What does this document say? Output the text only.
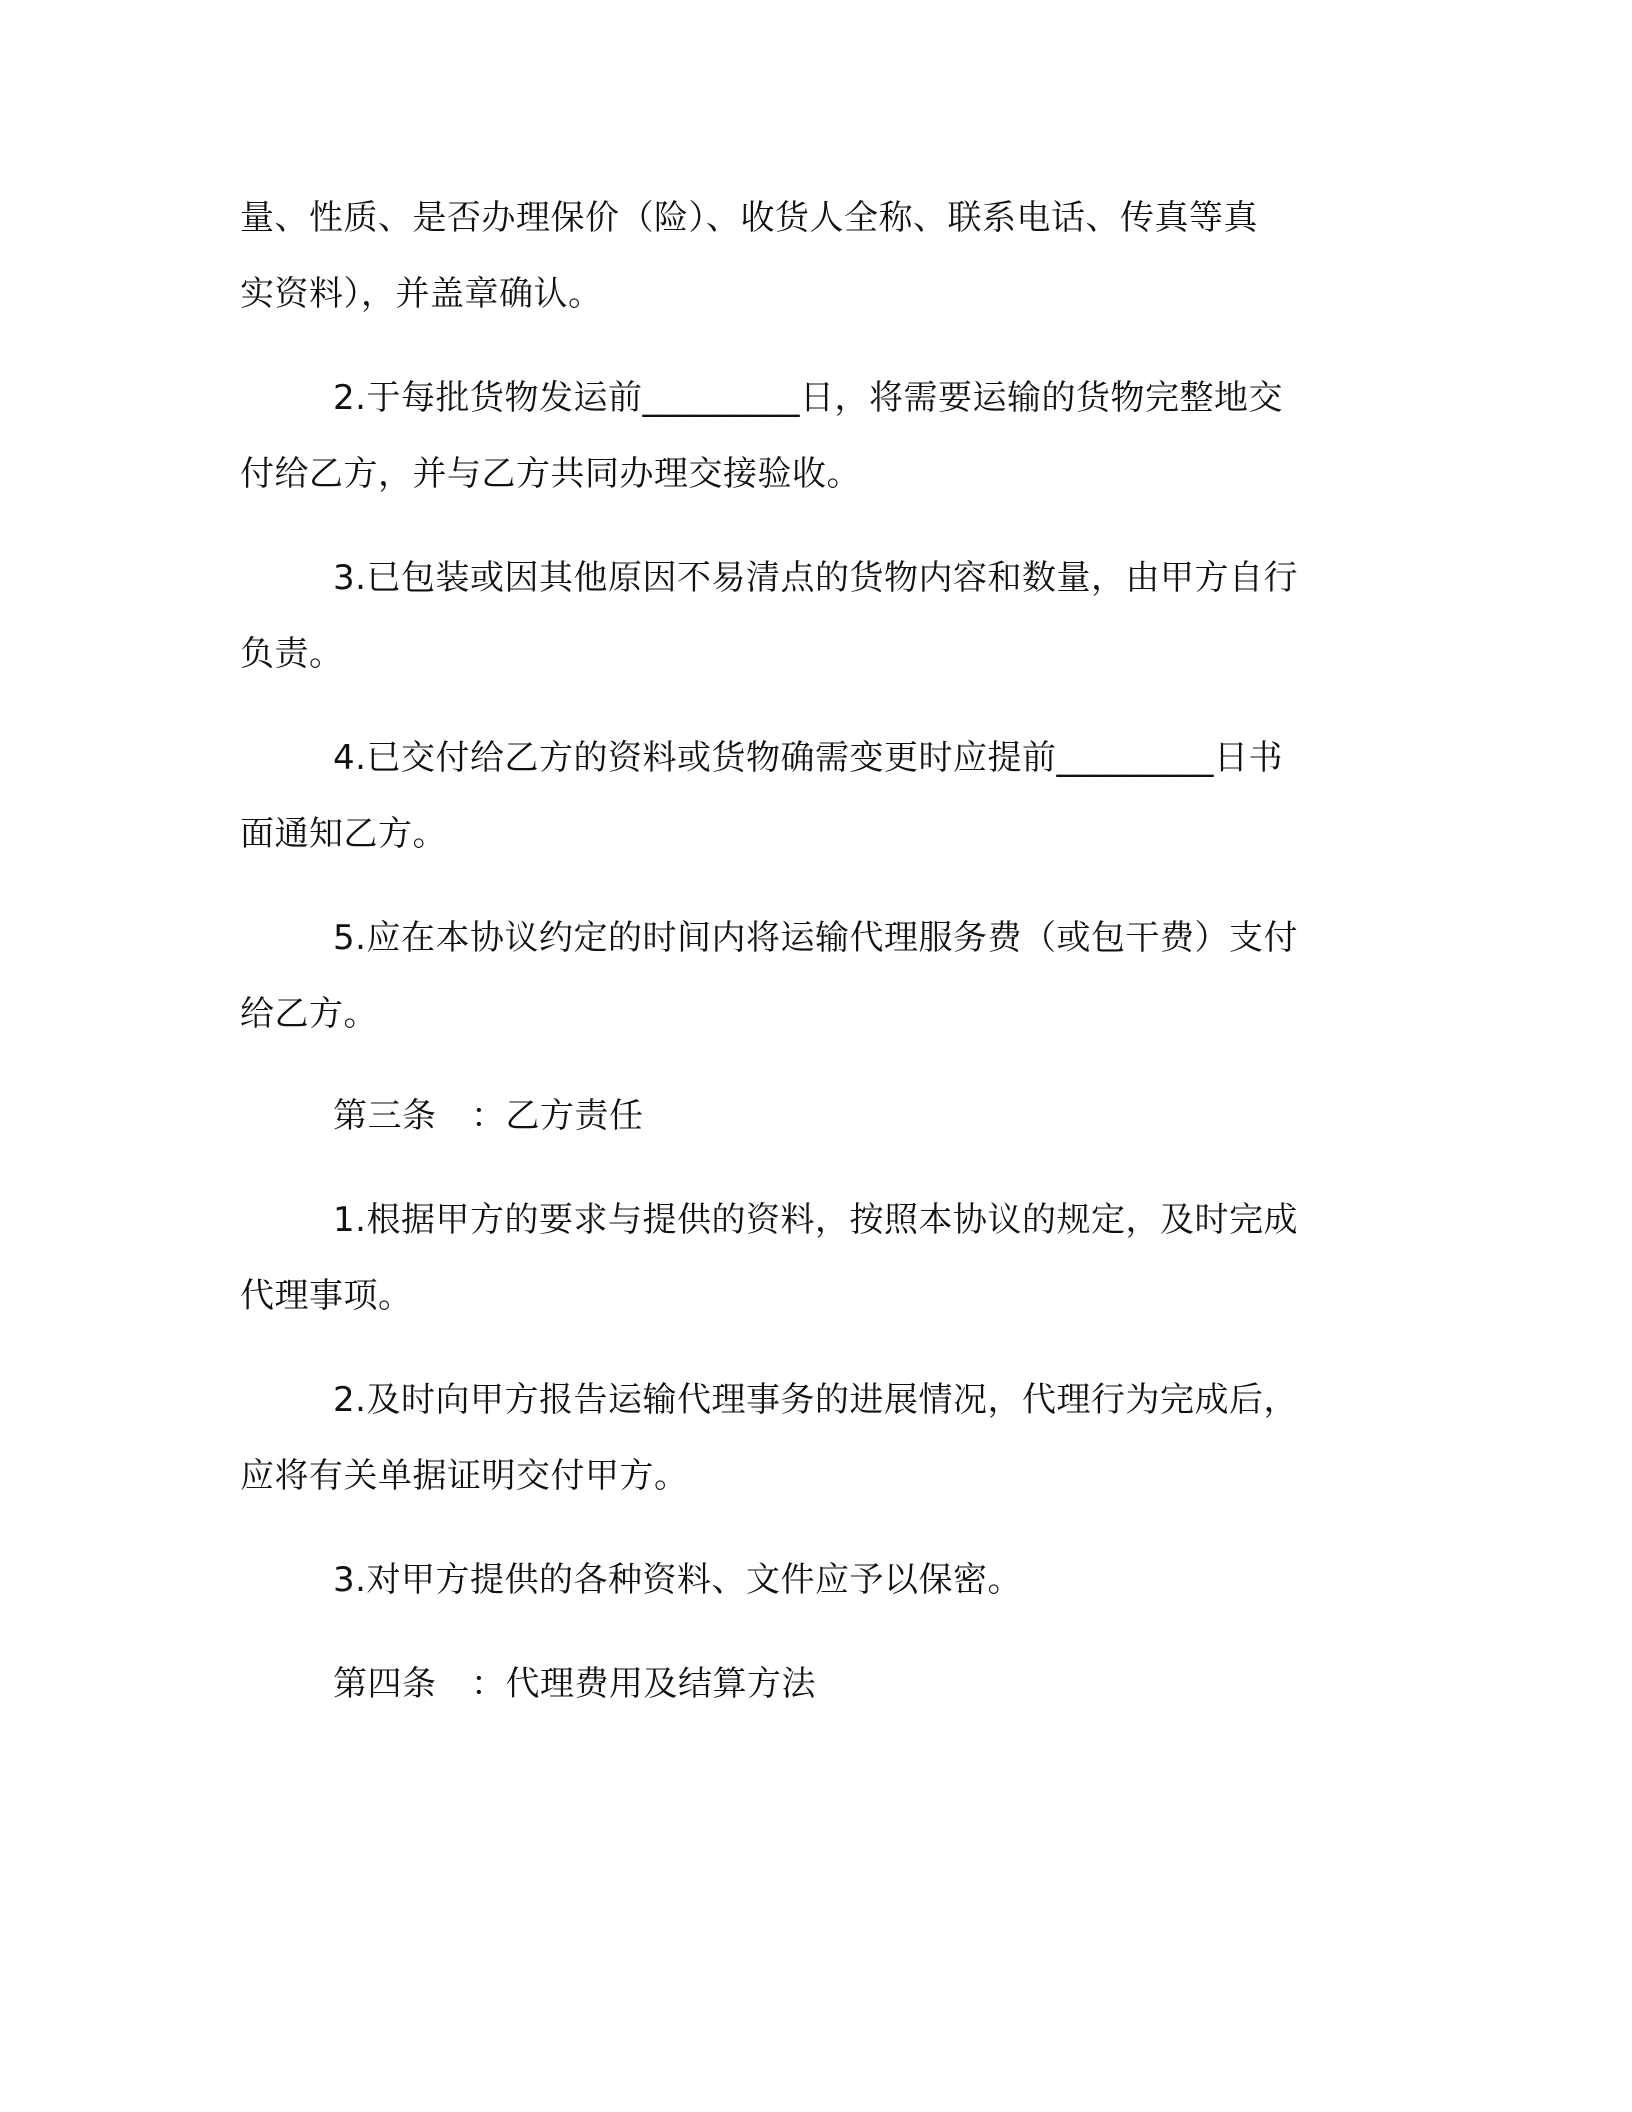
量、性质、是否办理保价（险）、收货人全称、联系电话、传真等真
实资料），并盖章确认。
2.于每批货物发运前_________日，将需要运输的货物完整地交
付给乙方，并与乙方共同办理交接验收。
3.已包装或因其他原因不易清点的货物内容和数量，由甲方自行
负责。
4.已交付给乙方的资料或货物确需变更时应提前_________日书
面通知乙方。
5.应在本协议约定的时间内将运输代理服务费（或包干费）支付
给乙方。
第三条　：乙方责任
1.根据甲方的要求与提供的资料，按照本协议的规定，及时完成
代理事项。
2.及时向甲方报告运输代理事务的进展情况，代理行为完成后，
应将有关单据证明交付甲方。
3.对甲方提供的各种资料、文件应予以保密。
第四条　：代理费用及结算方法
